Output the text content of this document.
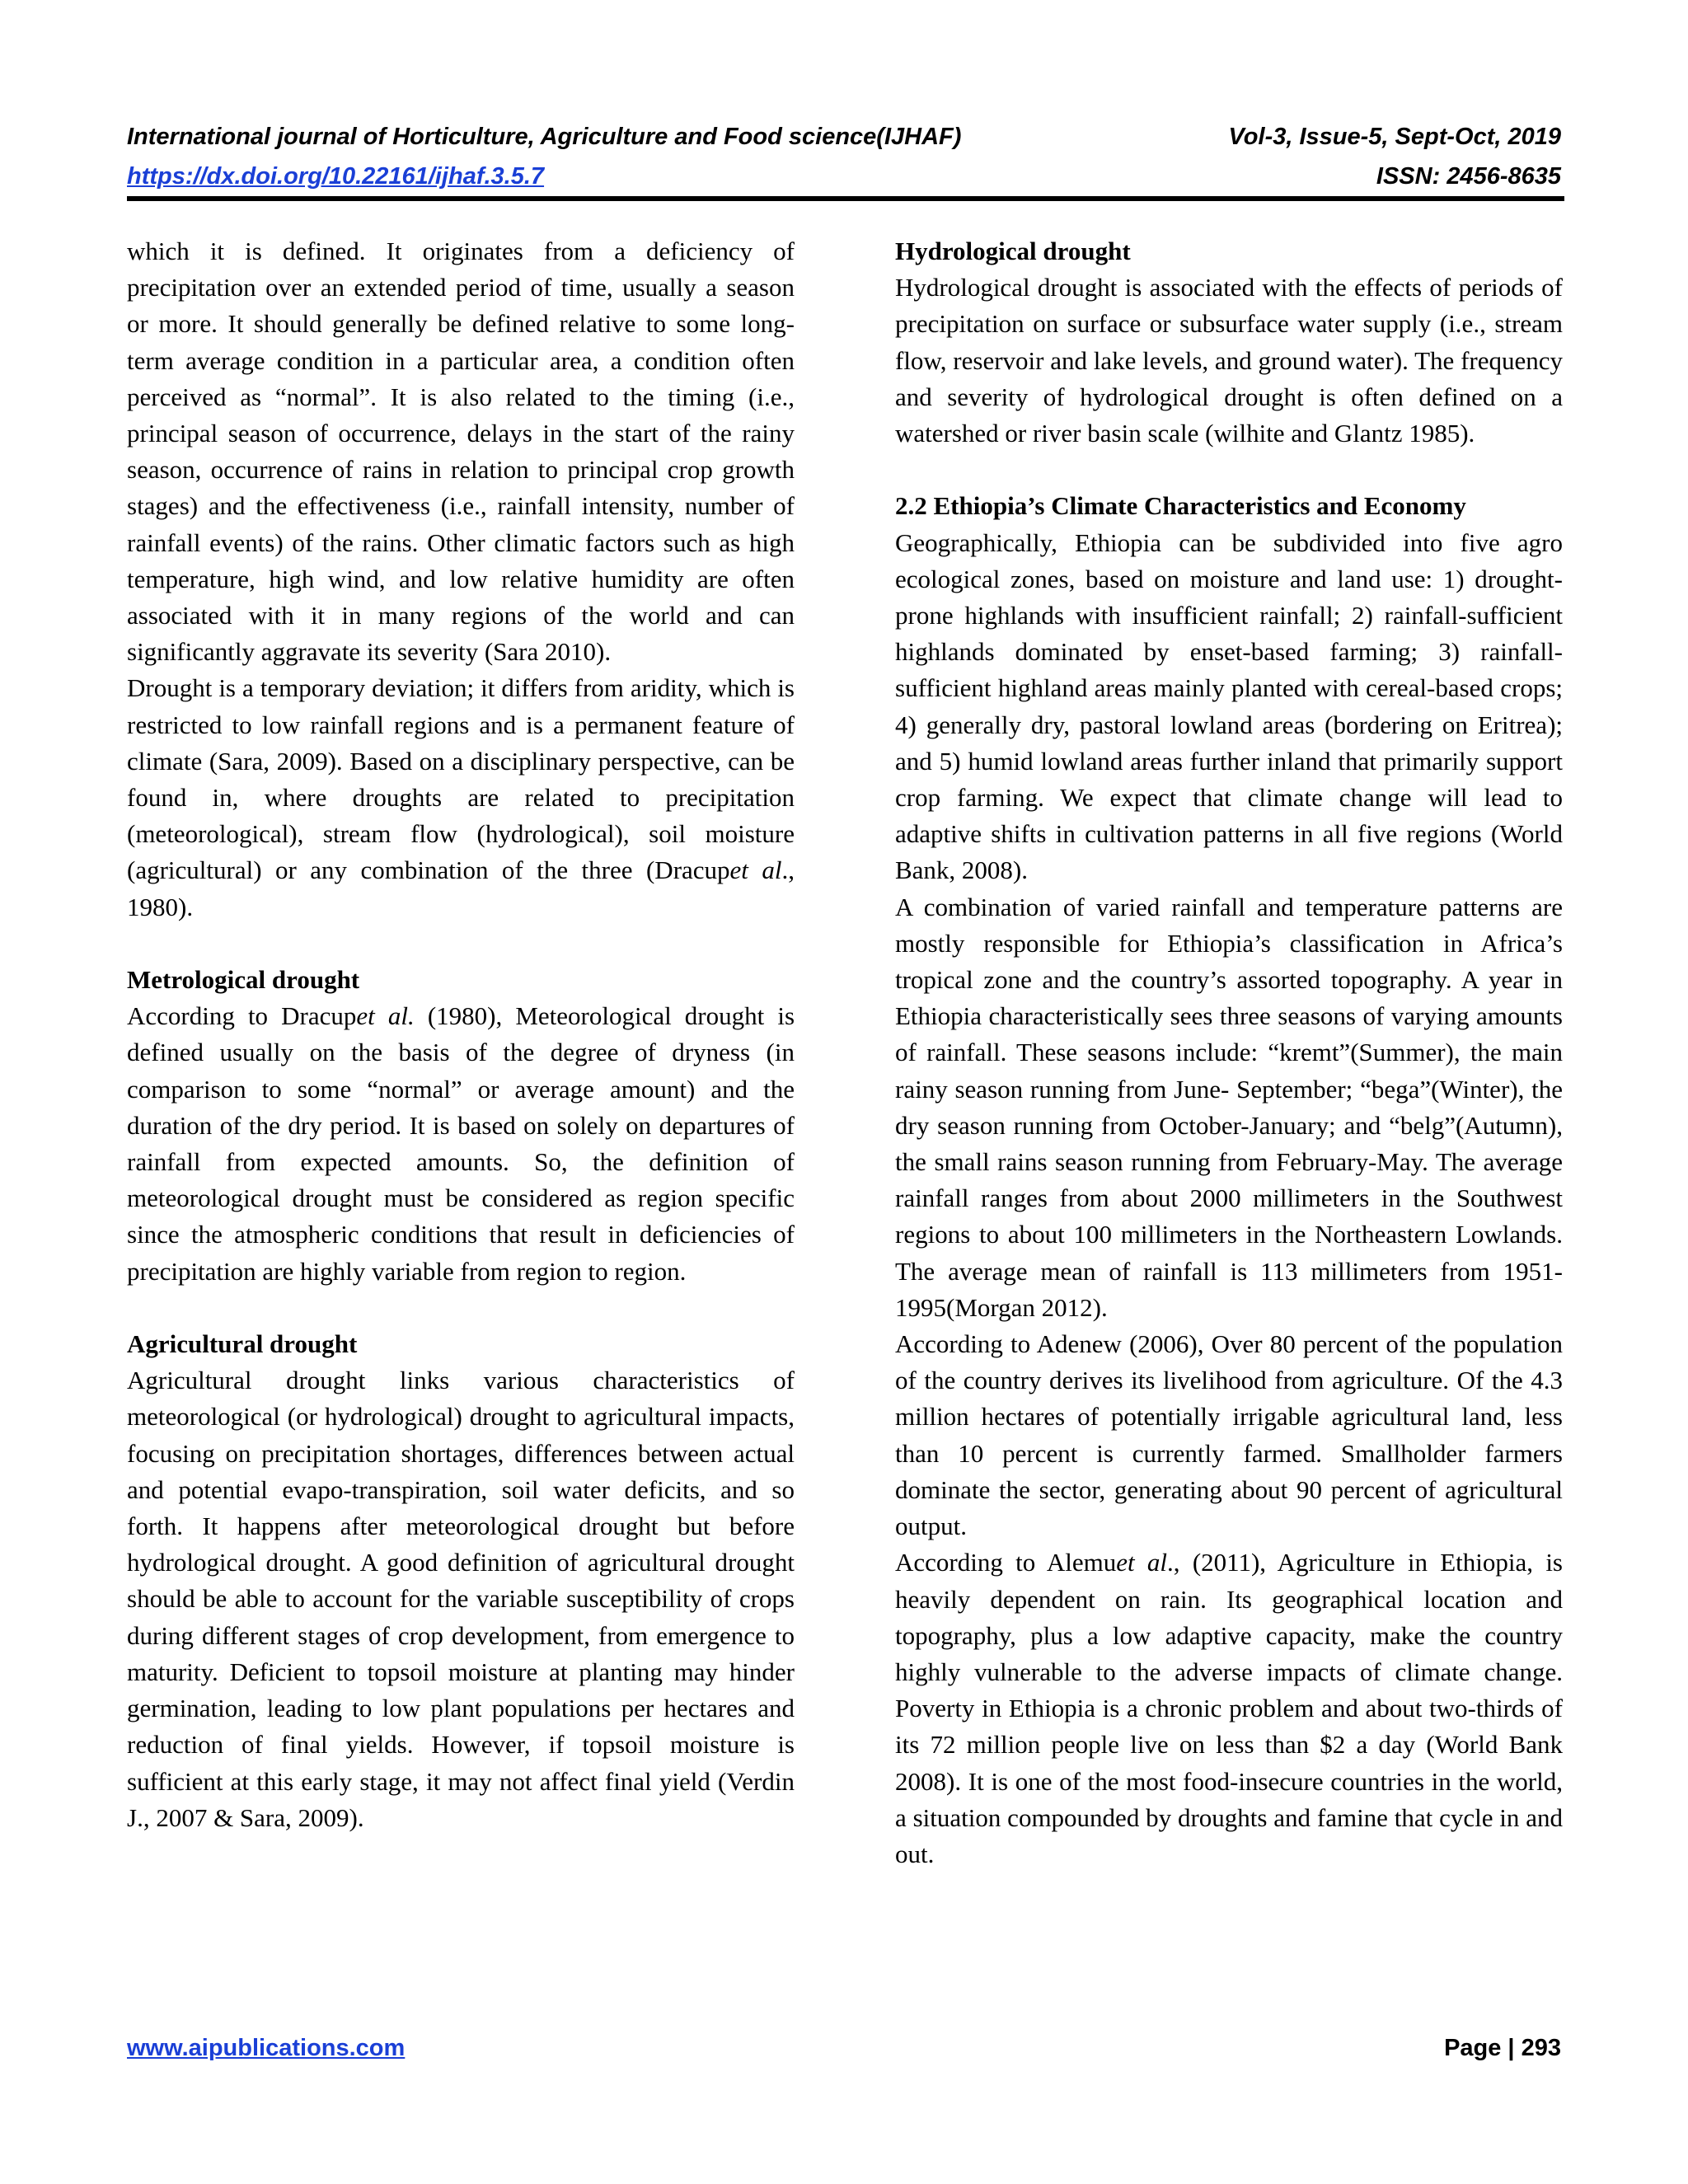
International journal of Horticulture, Agriculture and Food science(IJHAF)	Vol-3, Issue-5, Sept-Oct, 2019
https://dx.doi.org/10.22161/ijhaf.3.5.7	ISSN: 2456-8635

which it is defined. It originates from a deficiency of precipitation over an extended period of time, usually a season or more. It should generally be defined relative to some long-term average condition in a particular area, a condition often perceived as “normal”. It is also related to the timing (i.e., principal season of occurrence, delays in the start of the rainy season, occurrence of rains in relation to principal crop growth stages) and the effectiveness (i.e., rainfall intensity, number of rainfall events) of the rains. Other climatic factors such as high temperature, high wind, and low relative humidity are often associated with it in many regions of the world and can significantly aggravate its severity (Sara 2010).

Drought is a temporary deviation; it differs from aridity, which is restricted to low rainfall regions and is a permanent feature of climate (Sara, 2009). Based on a disciplinary perspective, can be found in, where droughts are related to precipitation (meteorological), stream flow (hydrological), soil moisture (agricultural) or any combination of the three (Dracupet al., 1980).

Metrological drought

According to Dracupet al. (1980), Meteorological drought is defined usually on the basis of the degree of dryness (in comparison to some “normal” or average amount) and the duration of the dry period. It is based on solely on departures of rainfall from expected amounts. So, the definition of meteorological drought must be considered as region specific since the atmospheric conditions that result in deficiencies of precipitation are highly variable from region to region.

Agricultural drought

Agricultural drought links various characteristics of meteorological (or hydrological) drought to agricultural impacts, focusing on precipitation shortages, differences between actual and potential evapo-transpiration, soil water deficits, and so forth. It happens after meteorological drought but before hydrological drought. A good definition of agricultural drought should be able to account for the variable susceptibility of crops during different stages of crop development, from emergence to maturity. Deficient to topsoil moisture at planting may hinder germination, leading to low plant populations per hectares and reduction of final yields. However, if topsoil moisture is sufficient at this early stage, it may not affect final yield (Verdin J., 2007 & Sara, 2009).

Hydrological drought

Hydrological drought is associated with the effects of periods of precipitation on surface or subsurface water supply (i.e., stream flow, reservoir and lake levels, and ground water). The frequency and severity of hydrological drought is often defined on a watershed or river basin scale (wilhite and Glantz 1985).

2.2 Ethiopia’s Climate Characteristics and Economy

Geographically, Ethiopia can be subdivided into five agro ecological zones, based on moisture and land use: 1) drought-prone highlands with insufficient rainfall; 2) rainfall-sufficient highlands dominated by enset-based farming; 3) rainfall-sufficient highland areas mainly planted with cereal-based crops; 4) generally dry, pastoral lowland areas (bordering on Eritrea); and 5) humid lowland areas further inland that primarily support crop farming. We expect that climate change will lead to adaptive shifts in cultivation patterns in all five regions (World Bank, 2008).

A combination of varied rainfall and temperature patterns are mostly responsible for Ethiopia’s classification in Africa’s tropical zone and the country’s assorted topography. A year in Ethiopia characteristically sees three seasons of varying amounts of rainfall. These seasons include: “kremt”(Summer), the main rainy season running from June- September; “bega”(Winter), the dry season running from October-January; and “belg”(Autumn), the small rains season running from February-May. The average rainfall ranges from about 2000 millimeters in the Southwest regions to about 100 millimeters in the Northeastern Lowlands. The average mean of rainfall is 113 millimeters from 1951-1995(Morgan 2012).

According to Adenew (2006), Over 80 percent of the population of the country derives its livelihood from agriculture. Of the 4.3 million hectares of potentially irrigable agricultural land, less than 10 percent is currently farmed. Smallholder farmers dominate the sector, generating about 90 percent of agricultural output.

According to Alemuet al., (2011), Agriculture in Ethiopia, is heavily dependent on rain. Its geographical location and topography, plus a low adaptive capacity, make the country highly vulnerable to the adverse impacts of climate change. Poverty in Ethiopia is a chronic problem and about two-thirds of its 72 million people live on less than $2 a day (World Bank 2008). It is one of the most food-insecure countries in the world, a situation compounded by droughts and famine that cycle in and out.

www.aipublications.com	Page | 293
